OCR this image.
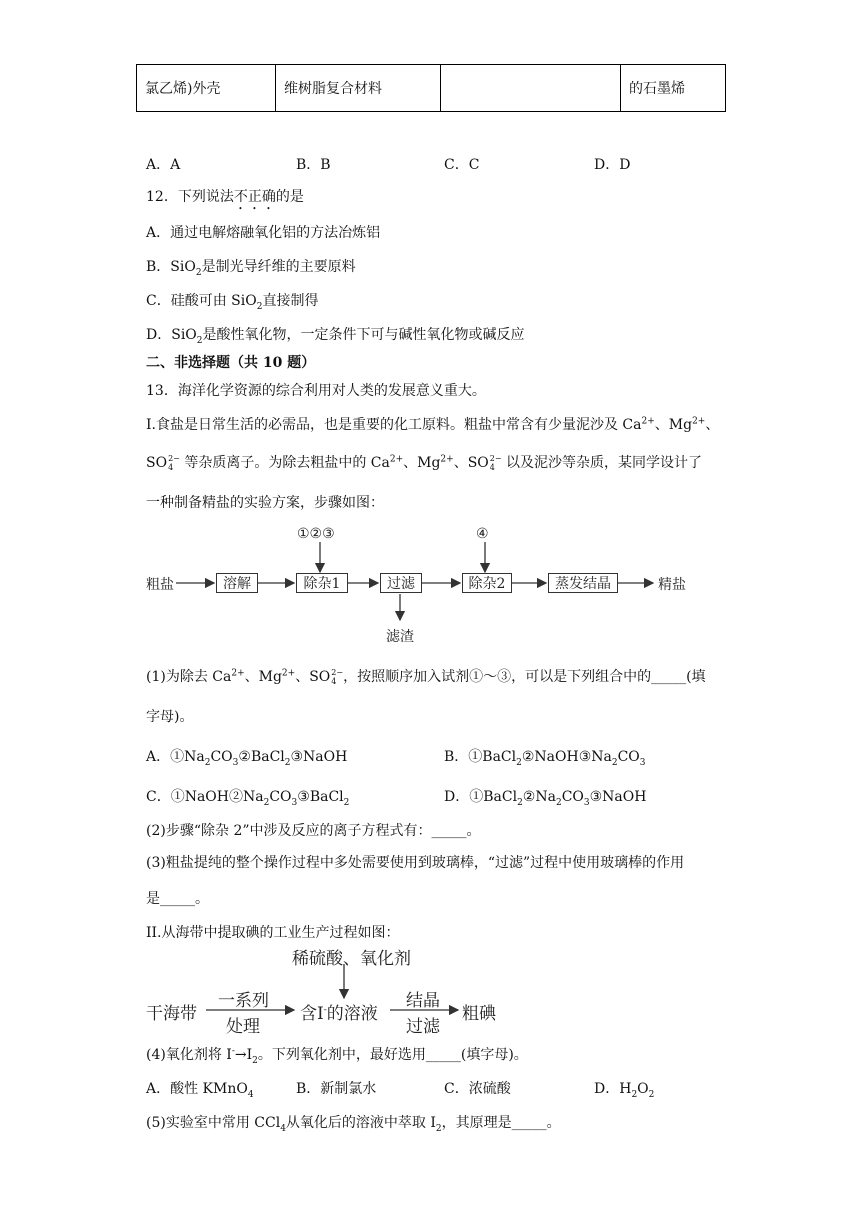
氯乙烯)外壳	维树脂复合材料		的石墨烯
A．A	B．B	C．C	D．D
12．下列说法不正确的是
A．通过电解熔融氧化铝的方法冶炼铝
B．SiO$_2$是制光导纤维的主要原料
C．硅酸可由 SiO$_2$直接制得
D．SiO$_2$是酸性氧化物，一定条件下可与碱性氧化物或碱反应
二、非选择题（共 10 题）
13．海洋化学资源的综合利用对人类的发展意义重大。
I.食盐是日常生活的必需品，也是重要的化工原料。粗盐中常含有少量泥沙及 $Ca^{2+}$、$Mg^{2+}$、
SO 2−
4 等杂质离子。为除去粗盐中的 $Ca^{2+}$、$Mg^{2+}$、SO 2−
4 以及泥沙等杂质，某同学设计了
一种制备精盐的实验方案，步骤如图：
粗盐	溶解	除杂1	过滤	除杂2	蒸发结晶	精盐
①②③	④
滤渣
(1)为除去 $Ca^{2+}$、$Mg^{2+}$、SO 2−
4 ，按照顺序加入试剂①～③，可以是下列组合中的_____(填
字母)。
A．$①Na_2CO_3②BaCl_2③NaOH$	B．$①BaCl_2②NaOH③Na_2CO_3$
C．$①NaOH②Na_2CO_3③BaCl_2$	D．$①BaCl_2②Na_2CO_3③NaOH$
(2)步骤“除杂 2”中涉及反应的离子方程式有：_____。
(3)粗盐提纯的整个操作过程中多处需要使用到玻璃棒，“过滤”过程中使用玻璃棒的作用
是_____。
II.从海带中提取碘的工业生产过程如图：
稀硫酸、氧化剂
干海带
一系列
处理
含I-的溶液
结晶
过滤
粗碘
(4)氧化剂将 $I^-\to I_2$。下列氧化剂中，最好选用_____(填字母)。
A．酸性 KMnO$_4$	B．新制氯水	C．浓硫酸	D．$H_2O_2$
(5)实验室中常用 CCl$_4$从氧化后的溶液中萃取 $I_2$，其原理是_____。
